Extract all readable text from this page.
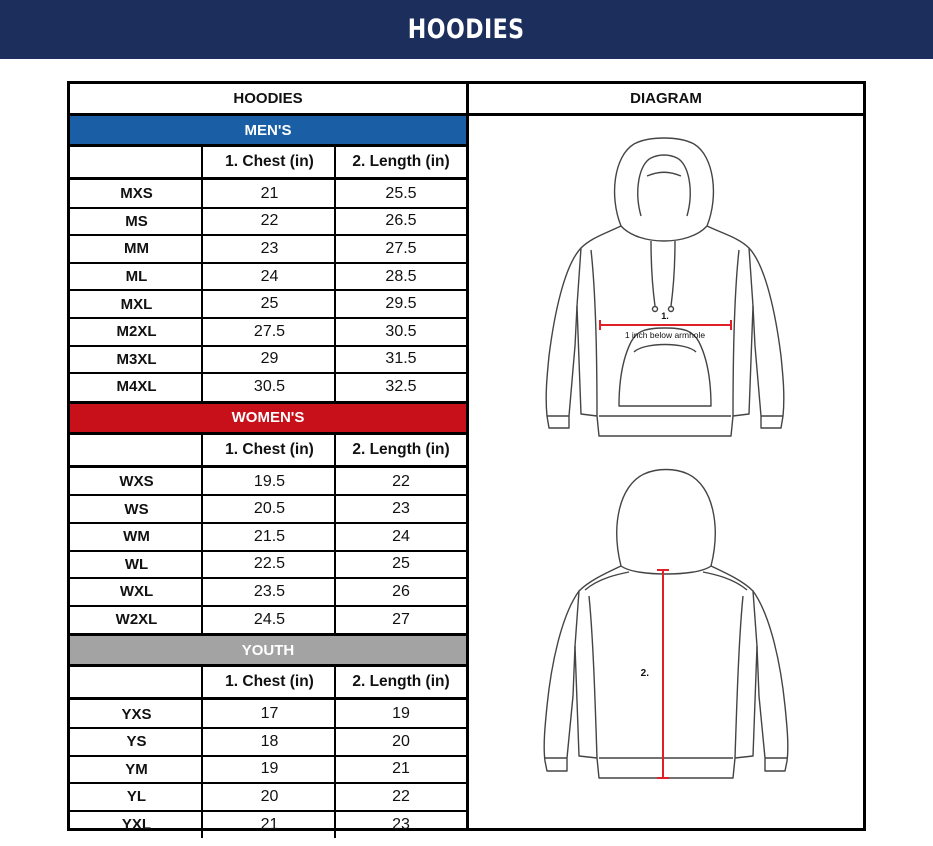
HOODIES
HOODIES
MEN'S
1. Chest (in)	2. Length (in)
MXS	21	25.5
MS	22	26.5
MM	23	27.5
ML	24	28.5
MXL	25	29.5
M2XL	27.5	30.5
M3XL	29	31.5
M4XL	30.5	32.5
WOMEN'S
1. Chest (in)	2. Length (in)
WXS	19.5	22
WS	20.5	23
WM	21.5	24
WL	22.5	25
WXL	23.5	26
W2XL	24.5	27
YOUTH
1. Chest (in)	2. Length (in)
YXS	17	19
YS	18	20
YM	19	21
YL	20	22
YXL	21	23
DIAGRAM
1.
1 inch below armhole
2.
